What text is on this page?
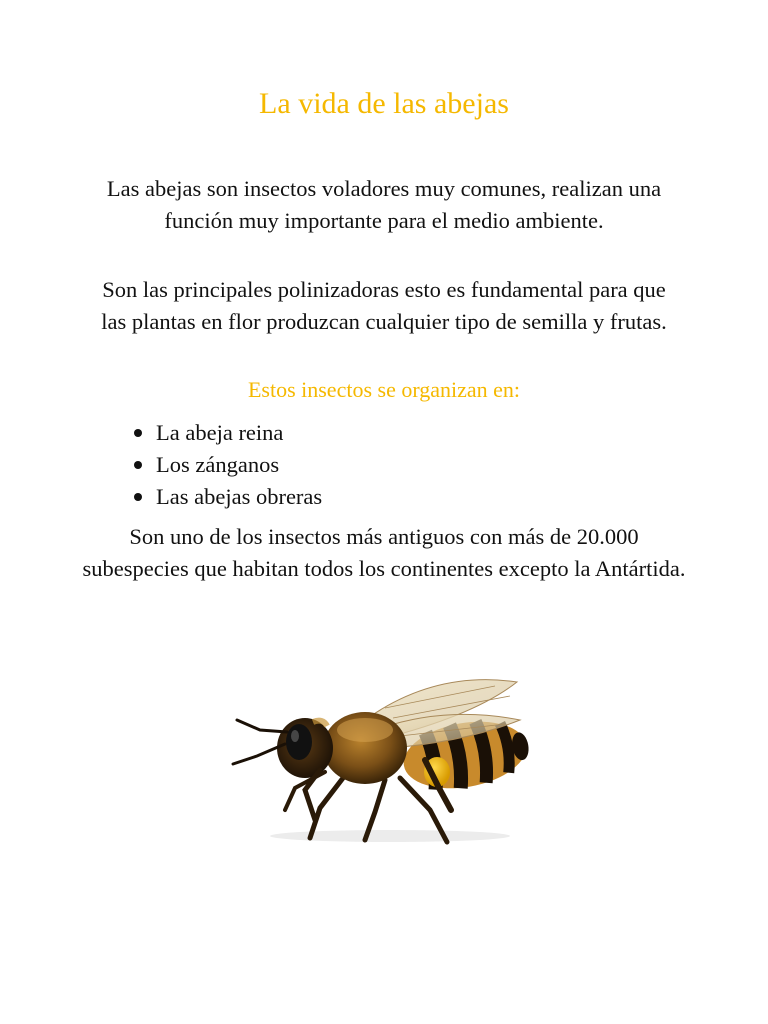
La vida de las abejas

Las abejas son insectos voladores muy comunes, realizan una función muy importante para el medio ambiente.

Son las principales polinizadoras esto es fundamental para que las plantas en flor produzcan cualquier tipo de semilla y frutas.

Estos insectos se organizan en:

La abeja reina
Los zánganos
Las abejas obreras

Son uno de los insectos más antiguos con más de 20.000 subespecies que habitan todos los continentes excepto la Antártida.
